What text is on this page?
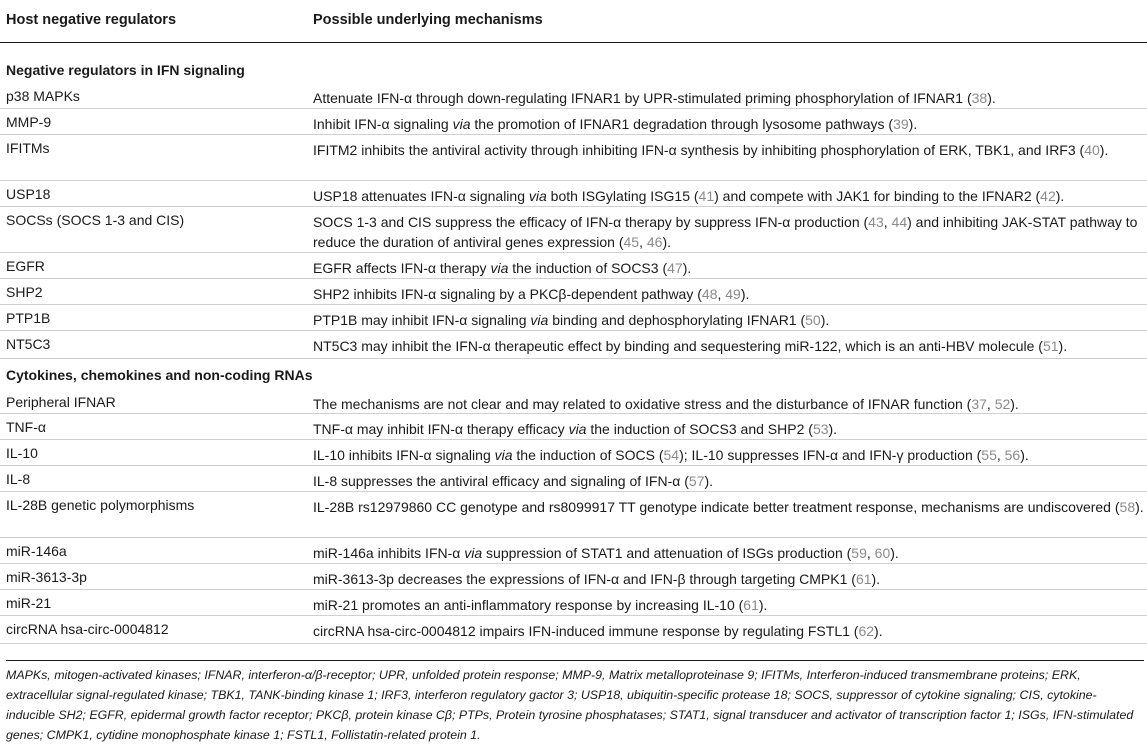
Host negative regulators	Possible underlying mechanisms
Negative regulators in IFN signaling
p38 MAPKs	Attenuate IFN-α through down-regulating IFNAR1 by UPR-stimulated priming phosphorylation of IFNAR1 (38).
MMP-9	Inhibit IFN-α signaling via the promotion of IFNAR1 degradation through lysosome pathways (39).
IFITMs	IFITM2 inhibits the antiviral activity through inhibiting IFN-α synthesis by inhibiting phosphorylation of ERK, TBK1, and IRF3 (40).
USP18	USP18 attenuates IFN-α signaling via both ISGylating ISG15 (41) and compete with JAK1 for binding to the IFNAR2 (42).
SOCSs (SOCS 1-3 and CIS)	SOCS 1-3 and CIS suppress the efficacy of IFN-α therapy by suppress IFN-α production (43, 44) and inhibiting JAK-STAT pathway to reduce the duration of antiviral genes expression (45, 46).
EGFR	EGFR affects IFN-α therapy via the induction of SOCS3 (47).
SHP2	SHP2 inhibits IFN-α signaling by a PKCβ-dependent pathway (48, 49).
PTP1B	PTP1B may inhibit IFN-α signaling via binding and dephosphorylating IFNAR1 (50).
NT5C3	NT5C3 may inhibit the IFN-α therapeutic effect by binding and sequestering miR-122, which is an anti-HBV molecule (51).
Cytokines, chemokines and non-coding RNAs
Peripheral IFNAR	The mechanisms are not clear and may related to oxidative stress and the disturbance of IFNAR function (37, 52).
TNF-α	TNF-α may inhibit IFN-α therapy efficacy via the induction of SOCS3 and SHP2 (53).
IL-10	IL-10 inhibits IFN-α signaling via the induction of SOCS (54); IL-10 suppresses IFN-α and IFN-γ production (55, 56).
IL-8	IL-8 suppresses the antiviral efficacy and signaling of IFN-α (57).
IL-28B genetic polymorphisms	IL-28B rs12979860 CC genotype and rs8099917 TT genotype indicate better treatment response, mechanisms are undiscovered (58).
miR-146a	miR-146a inhibits IFN-α via suppression of STAT1 and attenuation of ISGs production (59, 60).
miR-3613-3p	miR-3613-3p decreases the expressions of IFN-α and IFN-β through targeting CMPK1 (61).
miR-21	miR-21 promotes an anti-inflammatory response by increasing IL-10 (61).
circRNA hsa-circ-0004812	circRNA hsa-circ-0004812 impairs IFN-induced immune response by regulating FSTL1 (62).
MAPKs, mitogen-activated kinases; IFNAR, interferon-α/β-receptor; UPR, unfolded protein response; MMP-9, Matrix metalloproteinase 9; IFITMs, Interferon-induced transmembrane proteins; ERK, extracellular signal-regulated kinase; TBK1, TANK-binding kinase 1; IRF3, interferon regulatory gactor 3; USP18, ubiquitin-specific protease 18; SOCS, suppressor of cytokine signaling; CIS, cytokine-inducible SH2; EGFR, epidermal growth factor receptor; PKCβ, protein kinase Cβ; PTPs, Protein tyrosine phosphatases; STAT1, signal transducer and activator of transcription factor 1; ISGs, IFN-stimulated genes; CMPK1, cytidine monophosphate kinase 1; FSTL1, Follistatin-related protein 1.
